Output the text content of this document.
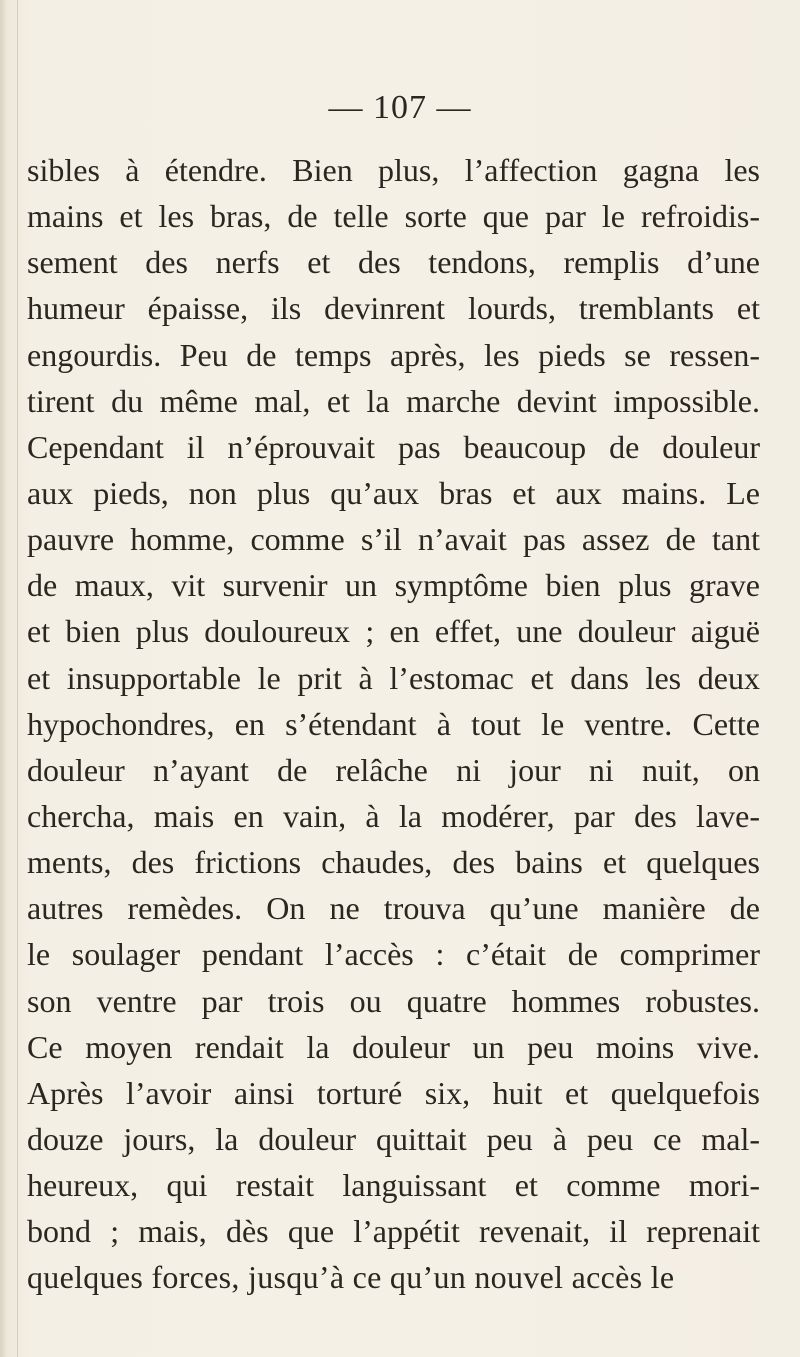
— 107 —
sibles à étendre. Bien plus, l’affection gagna les
mains et les bras, de telle sorte que par le refroidis-
sement des nerfs et des tendons, remplis d’une
humeur épaisse, ils devinrent lourds, tremblants et
engourdis. Peu de temps après, les pieds se ressen-
tirent du même mal, et la marche devint impossible.
Cependant il n’éprouvait pas beaucoup de douleur
aux pieds, non plus qu’aux bras et aux mains. Le
pauvre homme, comme s’il n’avait pas assez de tant
de maux, vit survenir un symptôme bien plus grave
et bien plus douloureux ; en effet, une douleur aiguë
et insupportable le prit à l’estomac et dans les deux
hypochondres, en s’étendant à tout le ventre. Cette
douleur n’ayant de relâche ni jour ni nuit, on
chercha, mais en vain, à la modérer, par des lave-
ments, des frictions chaudes, des bains et quelques
autres remèdes. On ne trouva qu’une manière de
le soulager pendant l’accès : c’était de comprimer
son ventre par trois ou quatre hommes robustes.
Ce moyen rendait la douleur un peu moins vive.
Après l’avoir ainsi torturé six, huit et quelquefois
douze jours, la douleur quittait peu à peu ce mal-
heureux, qui restait languissant et comme mori-
bond ; mais, dès que l’appétit revenait, il reprenait
quelques forces, jusqu’à ce qu’un nouvel accès le
